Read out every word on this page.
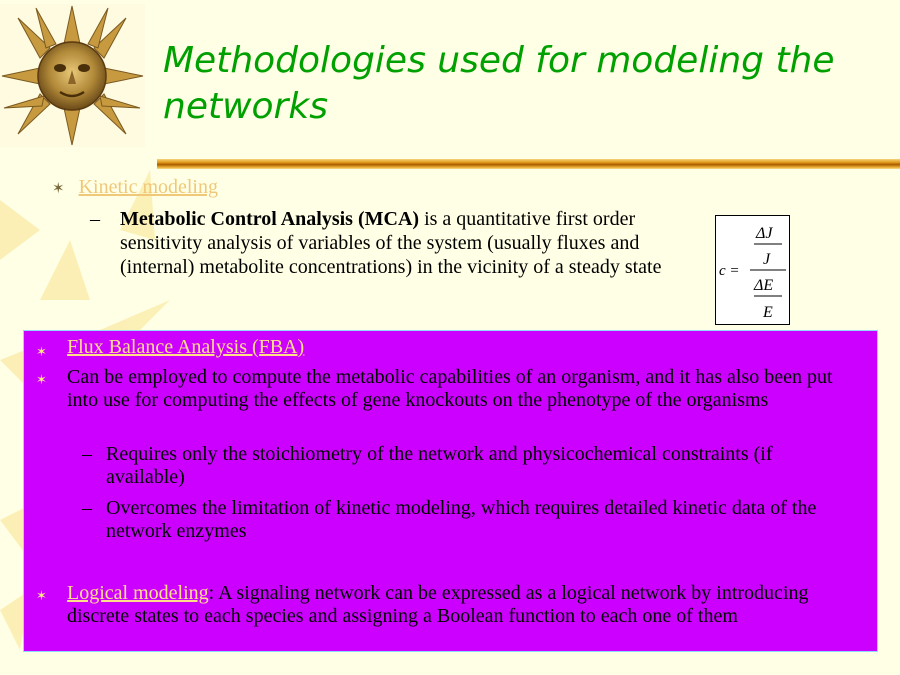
Methodologies used for modeling the networks
✶ Kinetic modeling
– Metabolic Control Analysis (MCA) is a quantitative first order sensitivity analysis of variables of the system (usually fluxes and (internal) metabolite concentrations) in the vicinity of a steady state	c =
ΔJ
J
ΔE
E
✶ Flux Balance Analysis (FBA)
✶ Can be employed to compute the metabolic capabilities of an organism, and it has also been put into use for computing the effects of gene knockouts on the phenotype of the organisms
– Requires only the stoichiometry of the network and physicochemical constraints (if available)
– Overcomes the limitation of kinetic modeling, which requires detailed kinetic data of the network enzymes
✶ Logical modeling: A signaling network can be expressed as a logical network by introducing discrete states to each species and assigning a Boolean function to each one of them
